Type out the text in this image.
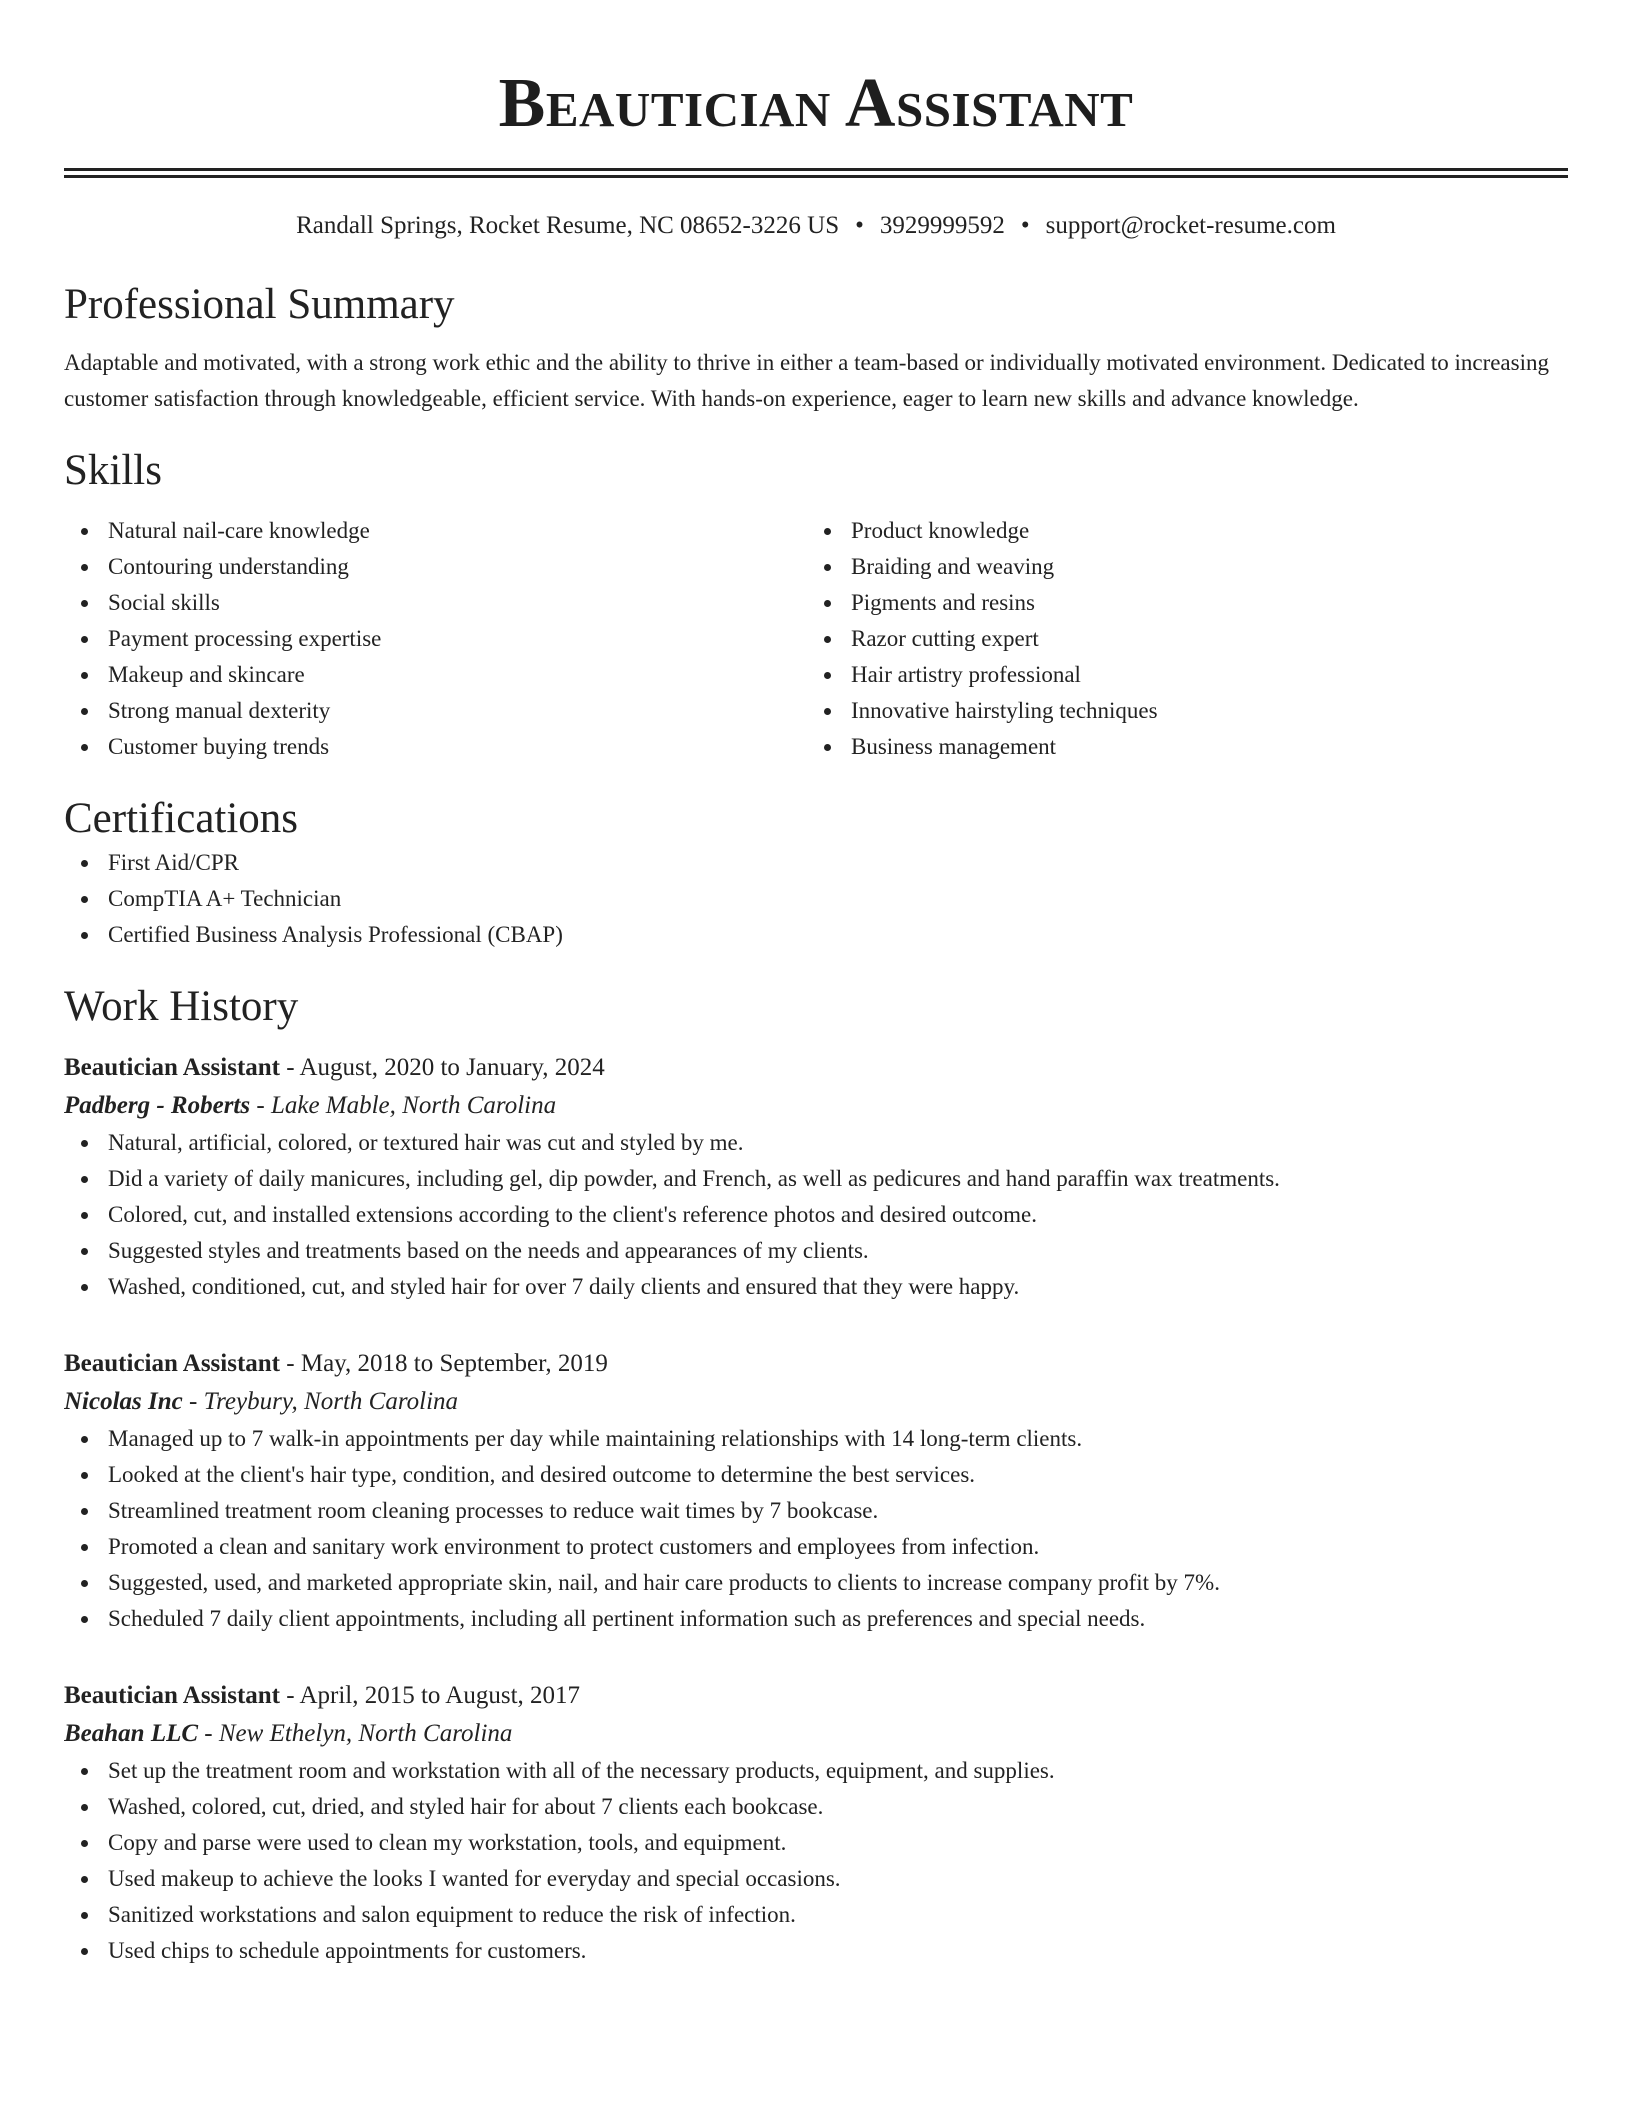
Beautician Assistant
Randall Springs, Rocket Resume, NC 08652-3226 US • 3929999592 • support@rocket-resume.com
Professional Summary
Adaptable and motivated, with a strong work ethic and the ability to thrive in either a team-based or individually motivated environment. Dedicated to increasing customer satisfaction through knowledgeable, efficient service. With hands-on experience, eager to learn new skills and advance knowledge.
Skills
Natural nail-care knowledge
Contouring understanding
Social skills
Payment processing expertise
Makeup and skincare
Strong manual dexterity
Customer buying trends
Product knowledge
Braiding and weaving
Pigments and resins
Razor cutting expert
Hair artistry professional
Innovative hairstyling techniques
Business management
Certifications
First Aid/CPR
CompTIA A+ Technician
Certified Business Analysis Professional (CBAP)
Work History
Beautician Assistant - August, 2020 to January, 2024
Padberg - Roberts - Lake Mable, North Carolina
Natural, artificial, colored, or textured hair was cut and styled by me.
Did a variety of daily manicures, including gel, dip powder, and French, as well as pedicures and hand paraffin wax treatments.
Colored, cut, and installed extensions according to the client's reference photos and desired outcome.
Suggested styles and treatments based on the needs and appearances of my clients.
Washed, conditioned, cut, and styled hair for over 7 daily clients and ensured that they were happy.
Beautician Assistant - May, 2018 to September, 2019
Nicolas Inc - Treybury, North Carolina
Managed up to 7 walk-in appointments per day while maintaining relationships with 14 long-term clients.
Looked at the client's hair type, condition, and desired outcome to determine the best services.
Streamlined treatment room cleaning processes to reduce wait times by 7 bookcase.
Promoted a clean and sanitary work environment to protect customers and employees from infection.
Suggested, used, and marketed appropriate skin, nail, and hair care products to clients to increase company profit by 7%.
Scheduled 7 daily client appointments, including all pertinent information such as preferences and special needs.
Beautician Assistant - April, 2015 to August, 2017
Beahan LLC - New Ethelyn, North Carolina
Set up the treatment room and workstation with all of the necessary products, equipment, and supplies.
Washed, colored, cut, dried, and styled hair for about 7 clients each bookcase.
Copy and parse were used to clean my workstation, tools, and equipment.
Used makeup to achieve the looks I wanted for everyday and special occasions.
Sanitized workstations and salon equipment to reduce the risk of infection.
Used chips to schedule appointments for customers.
